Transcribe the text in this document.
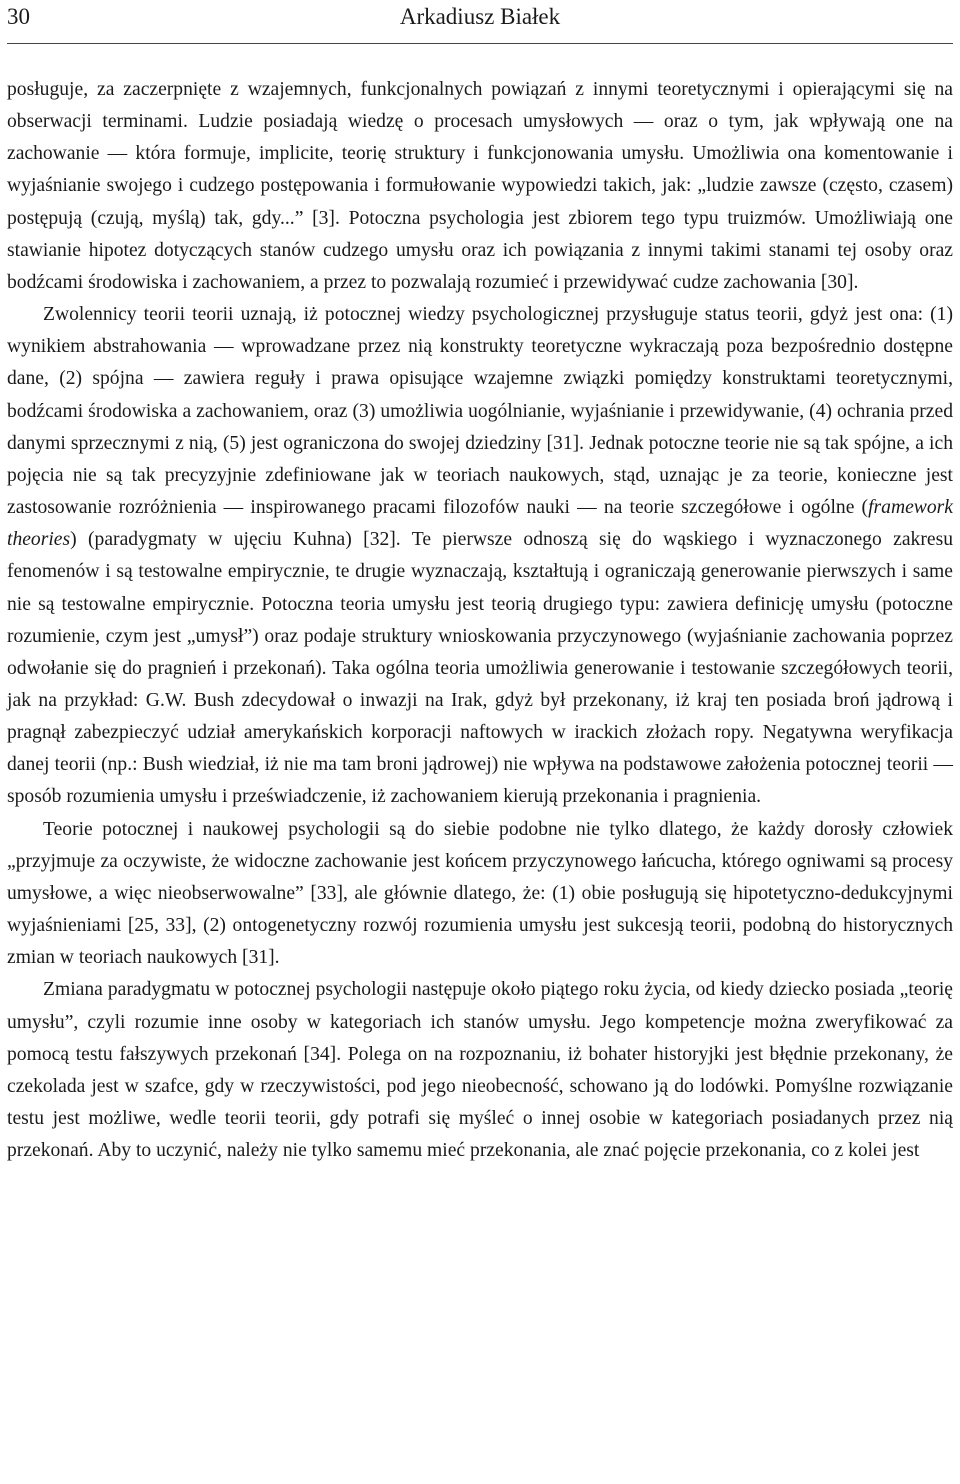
30	Arkadiusz Białek

posługuje, za zaczerpnięte z wzajemnych, funkcjonalnych powiązań z innymi teoretycznymi i opierającymi się na obserwacji terminami. Ludzie posiadają wiedzę o procesach umysłowych — oraz o tym, jak wpływają one na zachowanie — która formuje, implicite, teorię struktury i funkcjonowania umysłu. Umożliwia ona komentowanie i wyjaśnianie swojego i cudzego postępowania i formułowanie wypowiedzi takich, jak: „ludzie zawsze (często, czasem) postępują (czują, myślą) tak, gdy...” [3]. Potoczna psychologia jest zbiorem tego typu truizmów. Umożliwiają one stawianie hipotez dotyczących stanów cudzego umysłu oraz ich powiązania z innymi takimi stanami tej osoby oraz bodźcami środowiska i zachowaniem, a przez to pozwalają rozumieć i przewidywać cudze zachowania [30].

Zwolennicy teorii teorii uznają, iż potocznej wiedzy psychologicznej przysługuje status teorii, gdyż jest ona: (1) wynikiem abstrahowania — wprowadzane przez nią konstrukty teoretyczne wykraczają poza bezpośrednio dostępne dane, (2) spójna — zawiera reguły i prawa opisujące wzajemne związki pomiędzy konstruktami teoretycznymi, bodźcami środowiska a zachowaniem, oraz (3) umożliwia uogólnianie, wyjaśnianie i przewidywanie, (4) ochrania przed danymi sprzecznymi z nią, (5) jest ograniczona do swojej dziedziny [31]. Jednak potoczne teorie nie są tak spójne, a ich pojęcia nie są tak precyzyjnie zdefiniowane jak w teoriach naukowych, stąd, uznając je za teorie, konieczne jest zastosowanie rozróżnienia — inspirowanego pracami filozofów nauki — na teorie szczegółowe i ogólne (framework theories) (paradygmaty w ujęciu Kuhna) [32]. Te pierwsze odnoszą się do wąskiego i wyznaczonego zakresu fenomenów i są testowalne empirycznie, te drugie wyznaczają, kształtują i ograniczają generowanie pierwszych i same nie są testowalne empirycznie. Potoczna teoria umysłu jest teorią drugiego typu: zawiera definicję umysłu (potoczne rozumienie, czym jest „umysł”) oraz podaje struktury wnioskowania przyczynowego (wyjaśnianie zachowania poprzez odwołanie się do pragnień i przekonań). Taka ogólna teoria umożliwia generowanie i testowanie szczegółowych teorii, jak na przykład: G.W. Bush zdecydował o inwazji na Irak, gdyż był przekonany, iż kraj ten posiada broń jądrową i pragnął zabezpieczyć udział amerykańskich korporacji naftowych w irackich złożach ropy. Negatywna weryfikacja danej teorii (np.: Bush wiedział, iż nie ma tam broni jądrowej) nie wpływa na podstawowe założenia potocznej teorii — sposób rozumienia umysłu i przeświadczenie, iż zachowaniem kierują przekonania i pragnienia.

Teorie potocznej i naukowej psychologii są do siebie podobne nie tylko dlatego, że każdy dorosły człowiek „przyjmuje za oczywiste, że widoczne zachowanie jest końcem przyczynowego łańcucha, którego ogniwami są procesy umysłowe, a więc nieobserwowalne” [33], ale głównie dlatego, że: (1) obie posługują się hipotetyczno-dedukcyjnymi wyjaśnieniami [25, 33], (2) ontogenetyczny rozwój rozumienia umysłu jest sukcesją teorii, podobną do historycznych zmian w teoriach naukowych [31].

Zmiana paradygmatu w potocznej psychologii następuje około piątego roku życia, od kiedy dziecko posiada „teorię umysłu”, czyli rozumie inne osoby w kategoriach ich stanów umysłu. Jego kompetencje można zweryfikować za pomocą testu fałszywych przekonań [34]. Polega on na rozpoznaniu, iż bohater historyjki jest błędnie przekonany, że czekolada jest w szafce, gdy w rzeczywistości, pod jego nieobecność, schowano ją do lodówki. Pomyślne rozwiązanie testu jest możliwe, wedle teorii teorii, gdy potrafi się myśleć o innej osobie w kategoriach posiadanych przez nią przekonań. Aby to uczynić, należy nie tylko samemu mieć przekonania, ale znać pojęcie przekonania, co z kolei jest
